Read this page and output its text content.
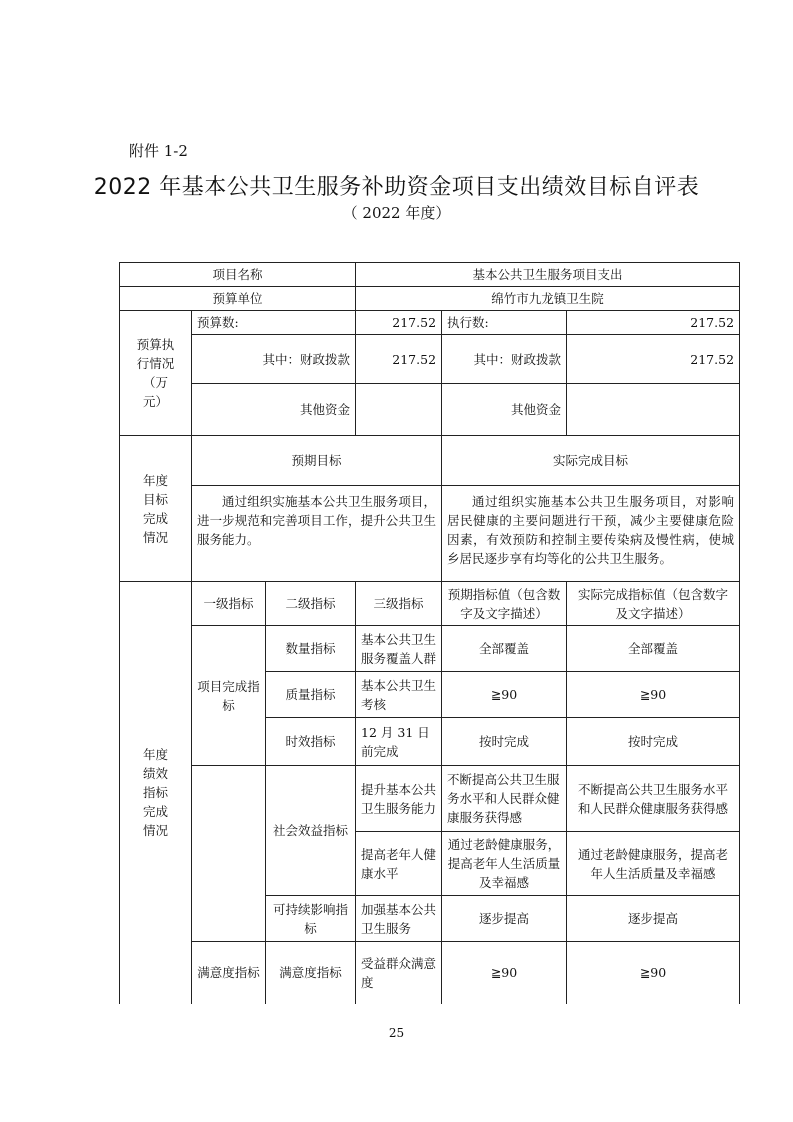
附件 1-2
2022 年基本公共卫生服务补助资金项目支出绩效目标自评表
（ 2022 年度）
项目名称			基本公共卫生服务项目支出		
预算单位			绵竹市九龙镇卫生院		
预算执行情况（万元）	预算数:		217.52	执行数:	217.52
	其中：财政拨款		217.52	其中：财政拨款	217.52
	其他资金			其他资金	
年度目标完成情况	预期目标			实际完成目标	
	通过组织实施基本公共卫生服务项目，进一步规范和完善项目工作，提升公共卫生服务能力。			通过组织实施基本公共卫生服务项目，对影响居民健康的主要问题进行干预，减少主要健康危险因素，有效预防和控制主要传染病及慢性病，使城乡居民逐步享有均等化的公共卫生服务。	
年度绩效指标完成情况	一级指标	二级指标	三级指标	预期指标值（包含数字及文字描述）	实际完成指标值（包含数字及文字描述）
	项目完成指标	数量指标	基本公共卫生服务覆盖人群	全部覆盖	全部覆盖
		质量指标	基本公共卫生考核	≧90	≧90
		时效指标	12 月 31 日前完成	按时完成	按时完成
		社会效益指标	提升基本公共卫生服务能力	不断提高公共卫生服务水平和人民群众健康服务获得感	不断提高公共卫生服务水平和人民群众健康服务获得感
			提高老年人健康水平	通过老龄健康服务，提高老年人生活质量及幸福感	通过老龄健康服务，提高老年人生活质量及幸福感
		可持续影响指标	加强基本公共卫生服务	逐步提高	逐步提高
	满意度指标	满意度指标	受益群众满意度	≧90	≧90

25
